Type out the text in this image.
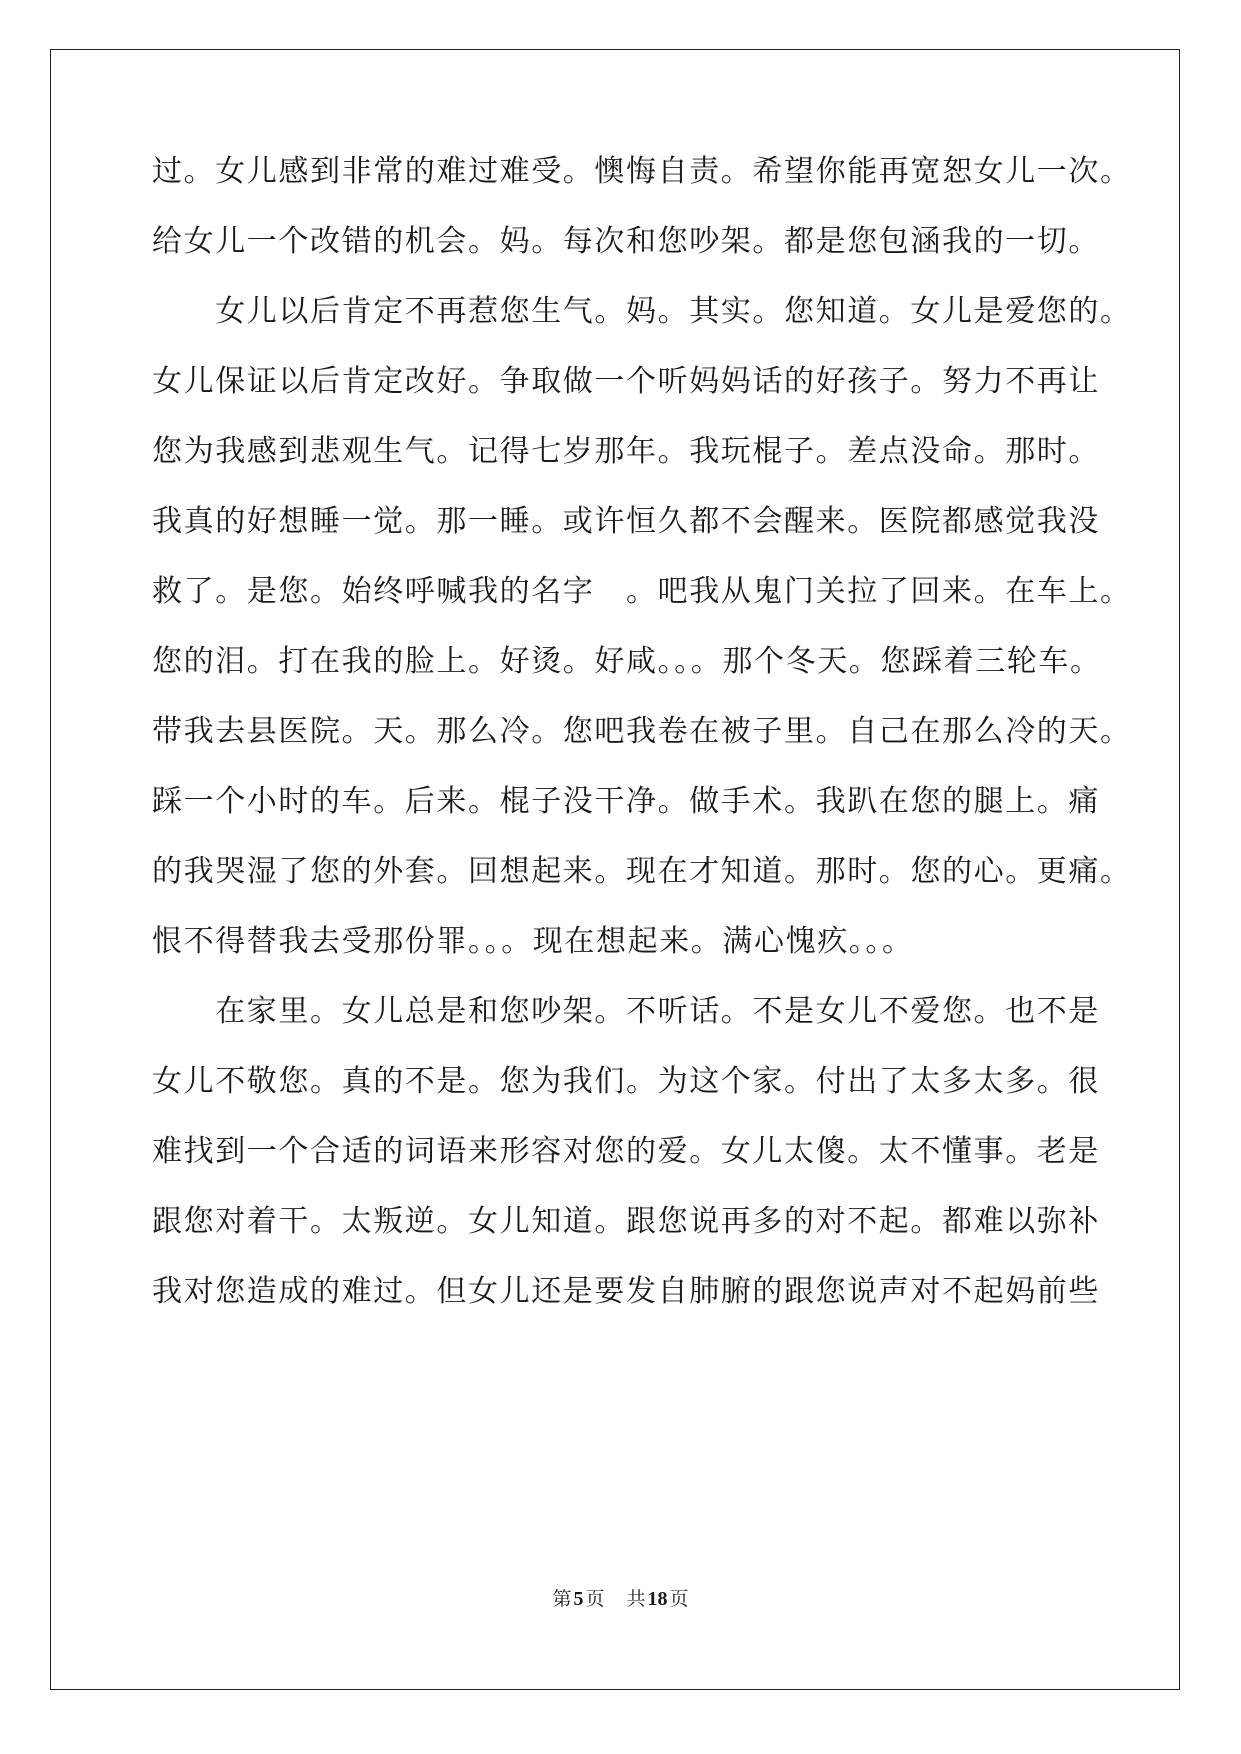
过。女儿感到非常的难过难受。懊悔自责。希望你能再宽恕女儿一次。
给女儿一个改错的机会。妈。每次和您吵架。都是您包涵我的一切。
　　女儿以后肯定不再惹您生气。妈。其实。您知道。女儿是爱您的。
女儿保证以后肯定改好。争取做一个听妈妈话的好孩子。努力不再让
您为我感到悲观生气。记得七岁那年。我玩棍子。差点没命。那时。
我真的好想睡一觉。那一睡。或许恒久都不会醒来。医院都感觉我没
救了。是您。始终呼喊我的名字　。吧我从鬼门关拉了回来。在车上。
您的泪。打在我的脸上。好烫。好咸。。。那个冬天。您踩着三轮车。
带我去县医院。天。那么冷。您吧我卷在被子里。自己在那么冷的天。
踩一个小时的车。后来。棍子没干净。做手术。我趴在您的腿上。痛
的我哭湿了您的外套。回想起来。现在才知道。那时。您的心。更痛。
恨不得替我去受那份罪。。。现在想起来。满心愧疚。。。
　　在家里。女儿总是和您吵架。不听话。不是女儿不爱您。也不是
女儿不敬您。真的不是。您为我们。为这个家。付出了太多太多。很
难找到一个合适的词语来形容对您的爱。女儿太傻。太不懂事。老是
跟您对着干。太叛逆。女儿知道。跟您说再多的对不起。都难以弥补
我对您造成的难过。但女儿还是要发自肺腑的跟您说声对不起妈前些
第 5 页 共 18 页
